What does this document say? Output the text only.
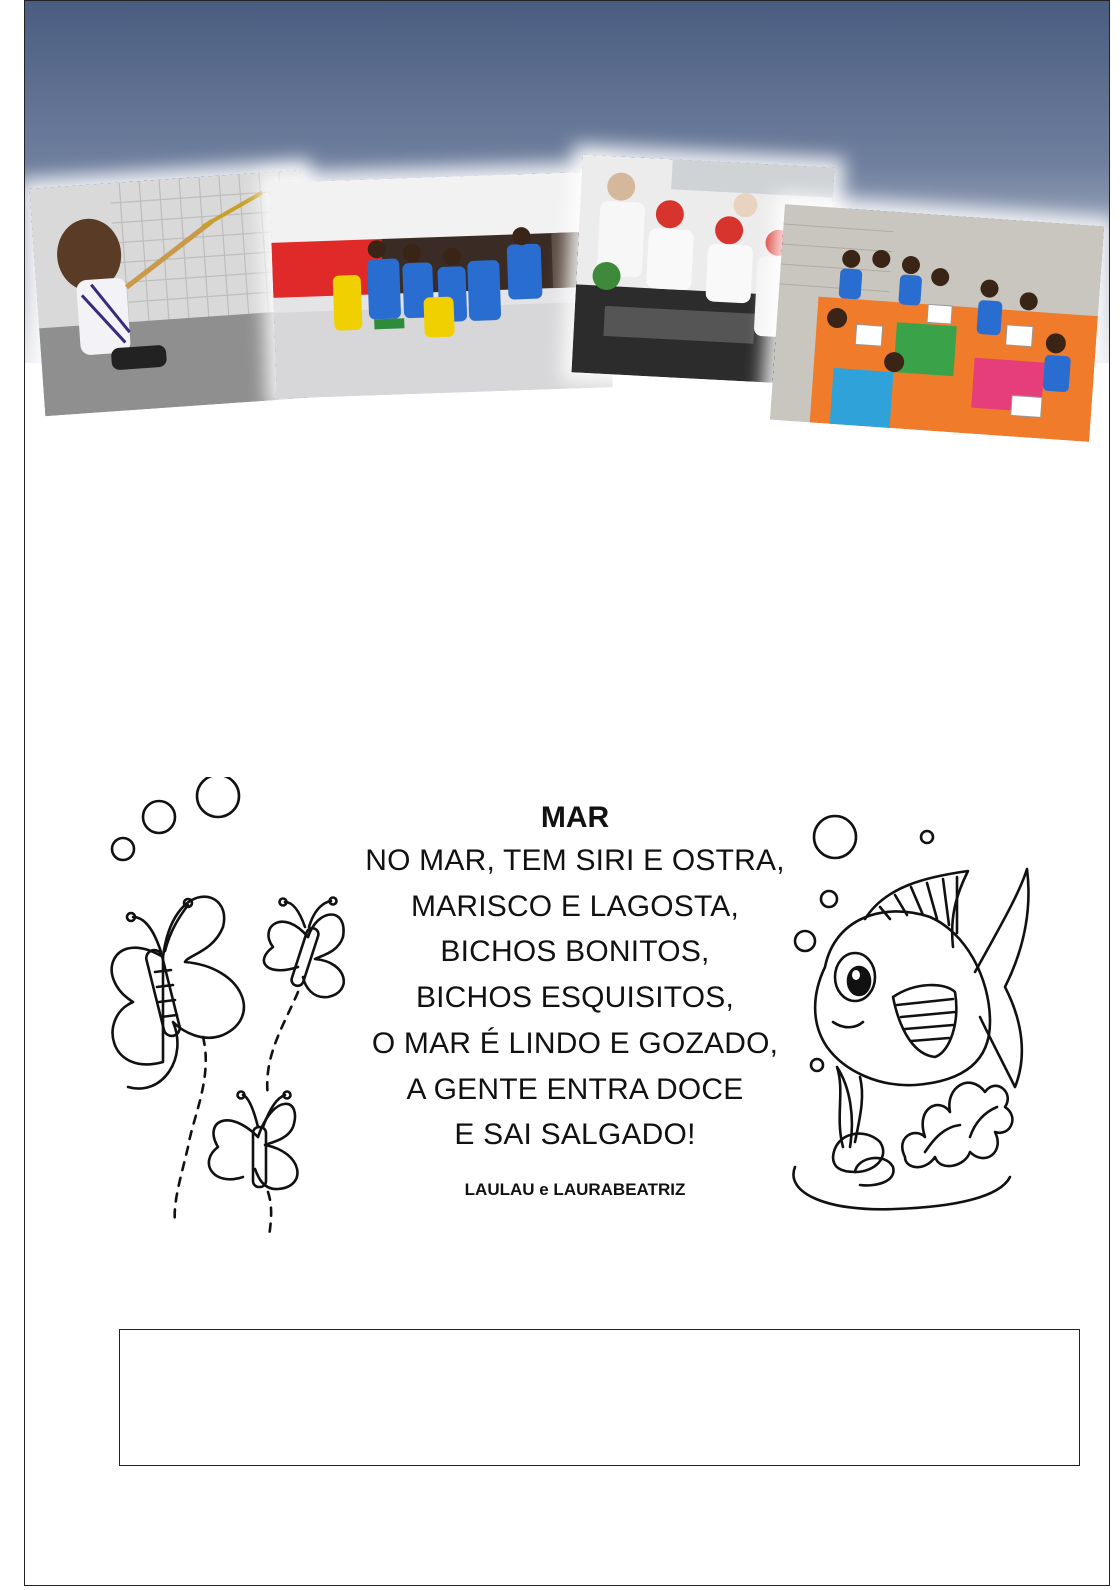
MAR
NO MAR, TEM SIRI E OSTRA,
MARISCO E LAGOSTA,
BICHOS BONITOS,
BICHOS ESQUISITOS,
O MAR É LINDO E GOZADO,
A GENTE ENTRA DOCE
E SAI SALGADO!
LAULAU e LAURABEATRIZ
